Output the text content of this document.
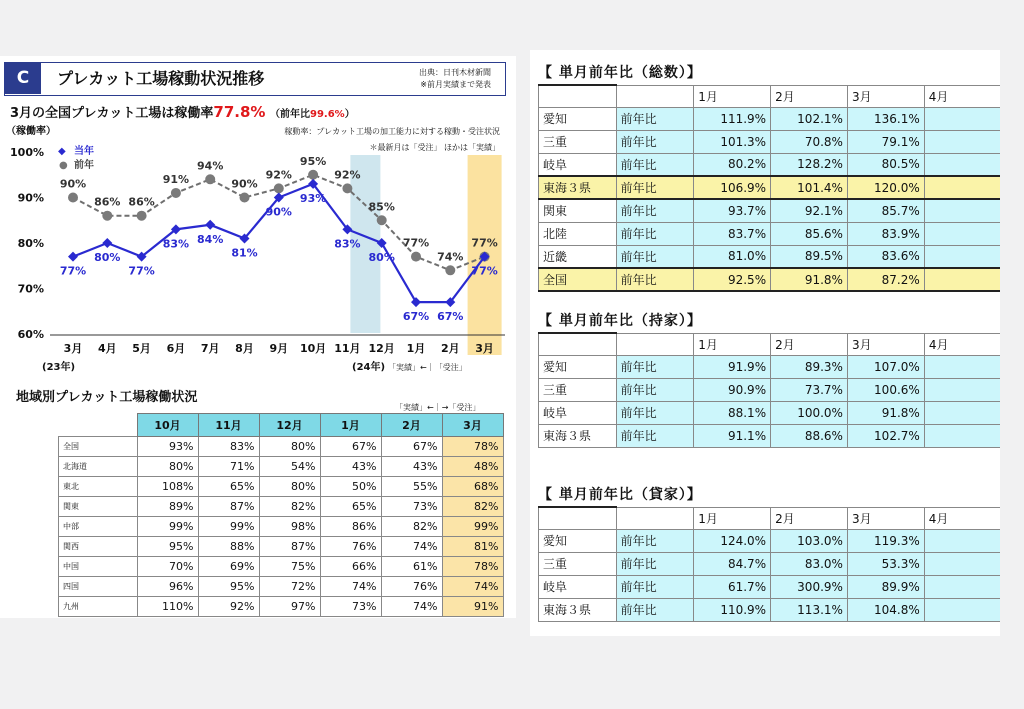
C	プレカット工場稼動状況推移	出典：日刊木材新聞
※前月実績まで発表
3月の全国プレカット工場は稼働率77.8% （前年比99.6%）
（稼働率）
100%
90%
80%
70%
60%
3月 4月 5月 6月 7月 8月 9月 10月 11月 12月 1月 2月 3月
(23年)	(24年) 「実績」←｜「受注」
稼動率：プレカット工場の加工能力に対する稼動・受注状況
＊最新月は「受注」 ほかは「実績」
◆ 当年
● 前年
90%
86% 86%
91%
94%
90%
92%
95%
92%
85%
77%
74%
77%
77%
80%
77%
83% 84%
81%
90%
93%
83%
80%
67% 67%
77%
地域別プレカット工場稼働状況
「実績」←｜→「受注」
	10月	11月	12月	1月	2月	3月
全国	93%	83%	80%	67%	67%	78%
北海道	80%	71%	54%	43%	43%	48%
東北	108%	65%	80%	50%	55%	68%
関東	89%	87%	82%	65%	73%	82%
中部	99%	99%	98%	86%	82%	99%
関西	95%	88%	87%	76%	74%	81%
中国	70%	69%	75%	66%	61%	78%
四国	96%	95%	72%	74%	76%	74%
九州	110%	92%	97%	73%	74%	91%
【 単月前年比（総数）】
		1月	2月	3月	4月
愛知	前年比	111.9%	102.1%	136.1%	
三重	前年比	101.3%	70.8%	79.1%	
岐阜	前年比	80.2%	128.2%	80.5%	
東海３県	前年比	106.9%	101.4%	120.0%	
関東	前年比	93.7%	92.1%	85.7%	
北陸	前年比	83.7%	85.6%	83.9%	
近畿	前年比	81.0%	89.5%	83.6%	
全国	前年比	92.5%	91.8%	87.2%	
【 単月前年比（持家）】
		1月	2月	3月	4月
愛知	前年比	91.9%	89.3%	107.0%	
三重	前年比	90.9%	73.7%	100.6%	
岐阜	前年比	88.1%	100.0%	91.8%	
東海３県	前年比	91.1%	88.6%	102.7%	
【 単月前年比（貸家）】
		1月	2月	3月	4月
愛知	前年比	124.0%	103.0%	119.3%	
三重	前年比	84.7%	83.0%	53.3%	
岐阜	前年比	61.7%	300.9%	89.9%	
東海３県	前年比	110.9%	113.1%	104.8%	
